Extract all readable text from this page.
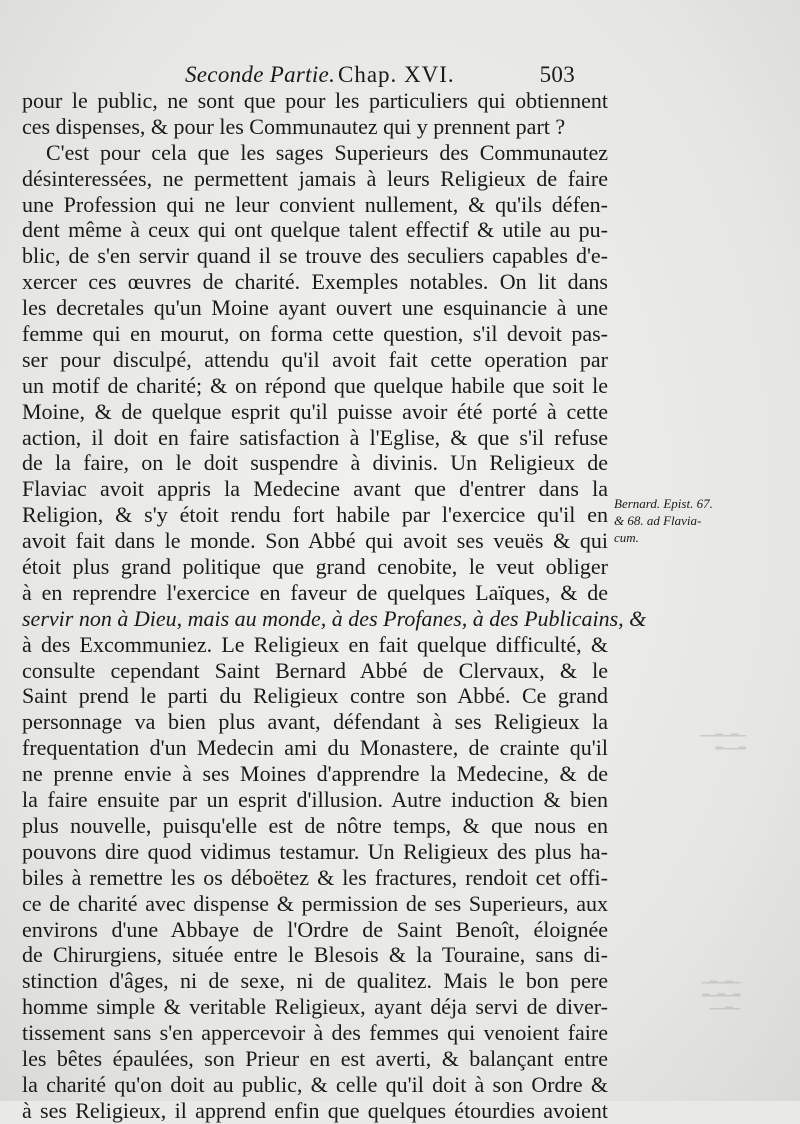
Seconde Partie. Chap. XVI.	503
pour le public, ne sont que pour les particuliers qui obtiennent
ces dispenses, & pour les Communautez qui y prennent part ?
C'est pour cela que les sages Superieurs des Communautez
désinteressées, ne permettent jamais à leurs Religieux de faire
une Profession qui ne leur convient nullement, & qu'ils défen-
dent même à ceux qui ont quelque talent effectif & utile au pu-
blic, de s'en servir quand il se trouve des seculiers capables d'e-
xercer ces œuvres de charité. Exemples notables. On lit dans
les decretales qu'un Moine ayant ouvert une esquinancie à une
femme qui en mourut, on forma cette question, s'il devoit pas-
ser pour disculpé, attendu qu'il avoit fait cette operation par
un motif de charité; & on répond que quelque habile que soit le
Moine, & de quelque esprit qu'il puisse avoir été porté à cette
action, il doit en faire satisfaction à l'Eglise, & que s'il refuse
de la faire, on le doit suspendre à divinis. Un Religieux de
Flaviac avoit appris la Medecine avant que d'entrer dans la
Religion, & s'y étoit rendu fort habile par l'exercice qu'il en
avoit fait dans le monde. Son Abbé qui avoit ses veuës & qui
étoit plus grand politique que grand cenobite, le veut obliger
à en reprendre l'exercice en faveur de quelques Laïques, & de
servir non à Dieu, mais au monde, à des Profanes, à des Publicains, &
à des Excommuniez. Le Religieux en fait quelque difficulté, &
consulte cependant Saint Bernard Abbé de Clervaux, & le
Saint prend le parti du Religieux contre son Abbé. Ce grand
personnage va bien plus avant, défendant à ses Religieux la
frequentation d'un Medecin ami du Monastere, de crainte qu'il
ne prenne envie à ses Moines d'apprendre la Medecine, & de
la faire ensuite par un esprit d'illusion. Autre induction & bien
plus nouvelle, puisqu'elle est de nôtre temps, & que nous en
pouvons dire quod vidimus testamur. Un Religieux des plus ha-
biles à remettre les os déboëtez & les fractures, rendoit cet offi-
ce de charité avec dispense & permission de ses Superieurs, aux
environs d'une Abbaye de l'Ordre de Saint Benoît, éloignée
de Chirurgiens, située entre le Blesois & la Touraine, sans di-
stinction d'âges, ni de sexe, ni de qualitez. Mais le bon pere
homme simple & veritable Religieux, ayant déja servi de diver-
tissement sans s'en appercevoir à des femmes qui venoient faire
les bêtes épaulées, son Prieur en est averti, & balançant entre
la charité qu'on doit au public, & celle qu'il doit à son Ordre &
à ses Religieux, il apprend enfin que quelques étourdies avoient
Bernard. Epist. 67.
& 68. ad Flavia-
cum.
▁▂▁▂▁▁
▂▁▁▂
▁▂▁▂▁
▂▁▂▁▂
▁▂▁▁
